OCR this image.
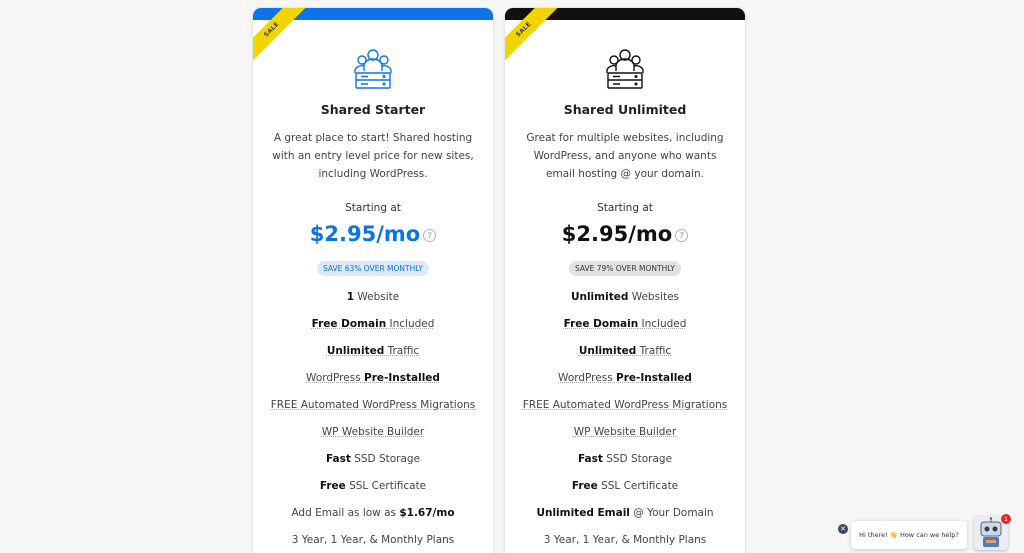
SALE
Shared Starter
A great place to start! Shared hosting with an entry level price for new sites, including WordPress.
Starting at
$2.95/mo ?
SAVE 63% OVER MONTHLY
1 Website
Free Domain Included
Unlimited Traffic
WordPress Pre-Installed
FREE Automated WordPress Migrations
WP Website Builder
Fast SSD Storage
Free SSL Certificate
Add Email as low as $1.67/mo
3 Year, 1 Year, & Monthly Plans
SALE
Shared Unlimited
Great for multiple websites, including WordPress, and anyone who wants email hosting @ your domain.
Starting at
$2.95/mo ?
SAVE 79% OVER MONTHLY
Unlimited Websites
Free Domain Included
Unlimited Traffic
WordPress Pre-Installed
FREE Automated WordPress Migrations
WP Website Builder
Fast SSD Storage
Free SSL Certificate
Unlimited Email @ Your Domain
3 Year, 1 Year, & Monthly Plans
✕
Hi there! 👋 How can we help?
1
